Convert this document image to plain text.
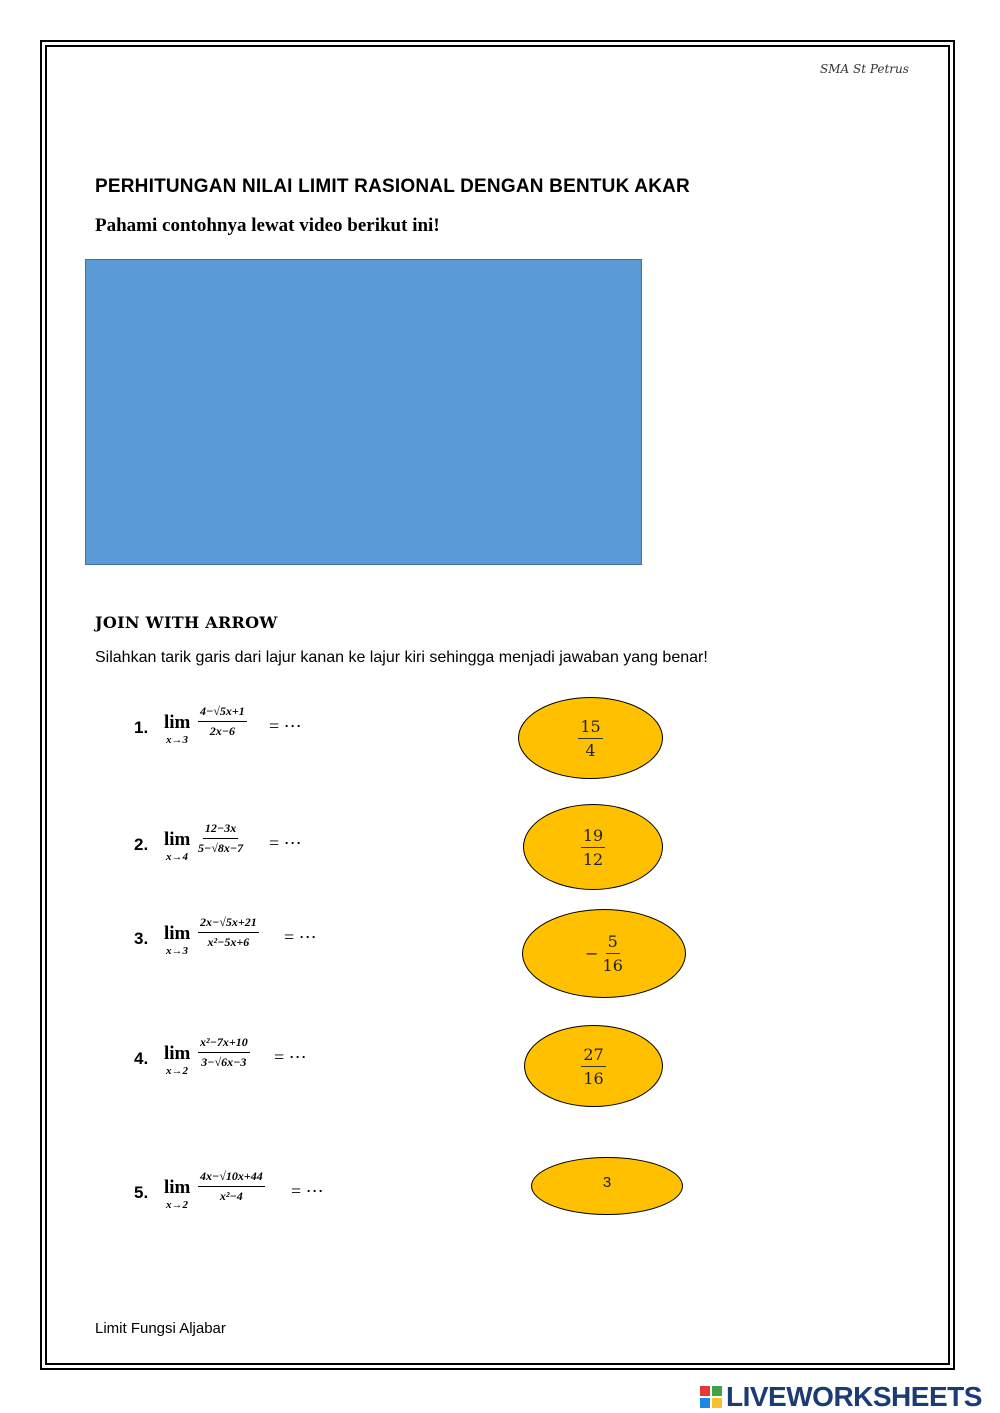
SMA St Petrus
PERHITUNGAN NILAI LIMIT RASIONAL DENGAN BENTUK AKAR
Pahami contohnya lewat video berikut ini!
JOIN WITH ARROW
Silahkan tarik garis dari lajur kanan ke lajur kiri sehingga menjadi jawaban yang benar!
1. lim
x→3
$\frac{4-√5x+1}{2x-6}$ = ⋯
2. lim
x→4
$\frac{12-3x}{5-√8x-7}$ = ⋯
3. lim
x→3
$\frac{2x-√5x+21}{\text{x²−5x+6}}$ = ⋯
4. lim
x→2
$\frac{\text{x²−7x+10}}{3-√6x-3}$ = ⋯
5. lim
x→2
$\frac{4x-√10x+44}{\text{x²−4}}$ = ⋯
$\frac{15}{4}$
$\frac{19}{12}$
− $\frac{5}{16}$
$\frac{27}{16}$
3
Limit Fungsi Aljabar
LIVEWORKSHEETS
